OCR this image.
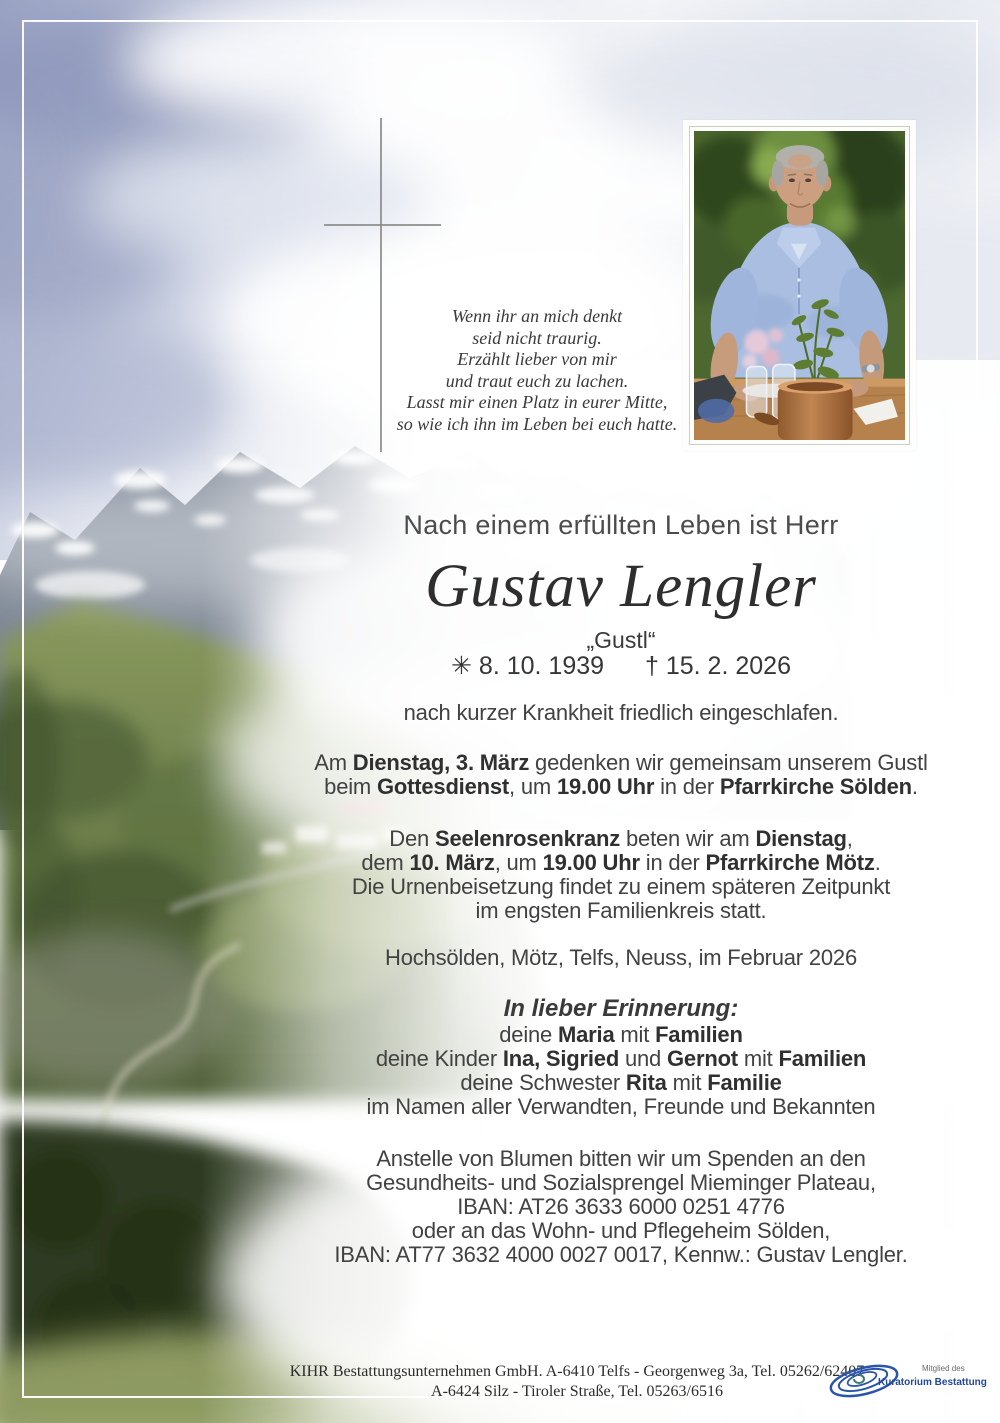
Wenn ihr an mich denkt
seid nicht traurig.
Erzählt lieber von mir
und traut euch zu lachen.
Lasst mir einen Platz in eurer Mitte,
so wie ich ihn im Leben bei euch hatte.
Nach einem erfüllten Leben ist Herr
Gustav Lengler
„Gustl“
✳ 8. 10. 1939 † 15. 2. 2026
nach kurzer Krankheit friedlich eingeschlafen.
Am Dienstag, 3. März gedenken wir gemeinsam unserem Gustl
beim Gottesdienst, um 19.00 Uhr in der Pfarrkirche Sölden.
Den Seelenrosenkranz beten wir am Dienstag,
dem 10. März, um 19.00 Uhr in der Pfarrkirche Mötz.
Die Urnenbeisetzung findet zu einem späteren Zeitpunkt
im engsten Familienkreis statt.
Hochsölden, Mötz, Telfs, Neuss, im Februar 2026
In lieber Erinnerung:
deine Maria mit Familien
deine Kinder Ina, Sigried und Gernot mit Familien
deine Schwester Rita mit Familie
im Namen aller Verwandten, Freunde und Bekannten
Anstelle von Blumen bitten wir um Spenden an den
Gesundheits- und Sozialsprengel Mieminger Plateau,
IBAN: AT26 3633 6000 0251 4776
oder an das Wohn- und Pflegeheim Sölden,
IBAN: AT77 3632 4000 0027 0017, Kennw.: Gustav Lengler.
KIHR Bestattungsunternehmen GmbH. A-6410 Telfs - Georgenweg 3a, Tel. 05262/62407
A-6424 Silz - Tiroler Straße, Tel. 05263/6516
Mitglied des
Kuratorium Bestattung
